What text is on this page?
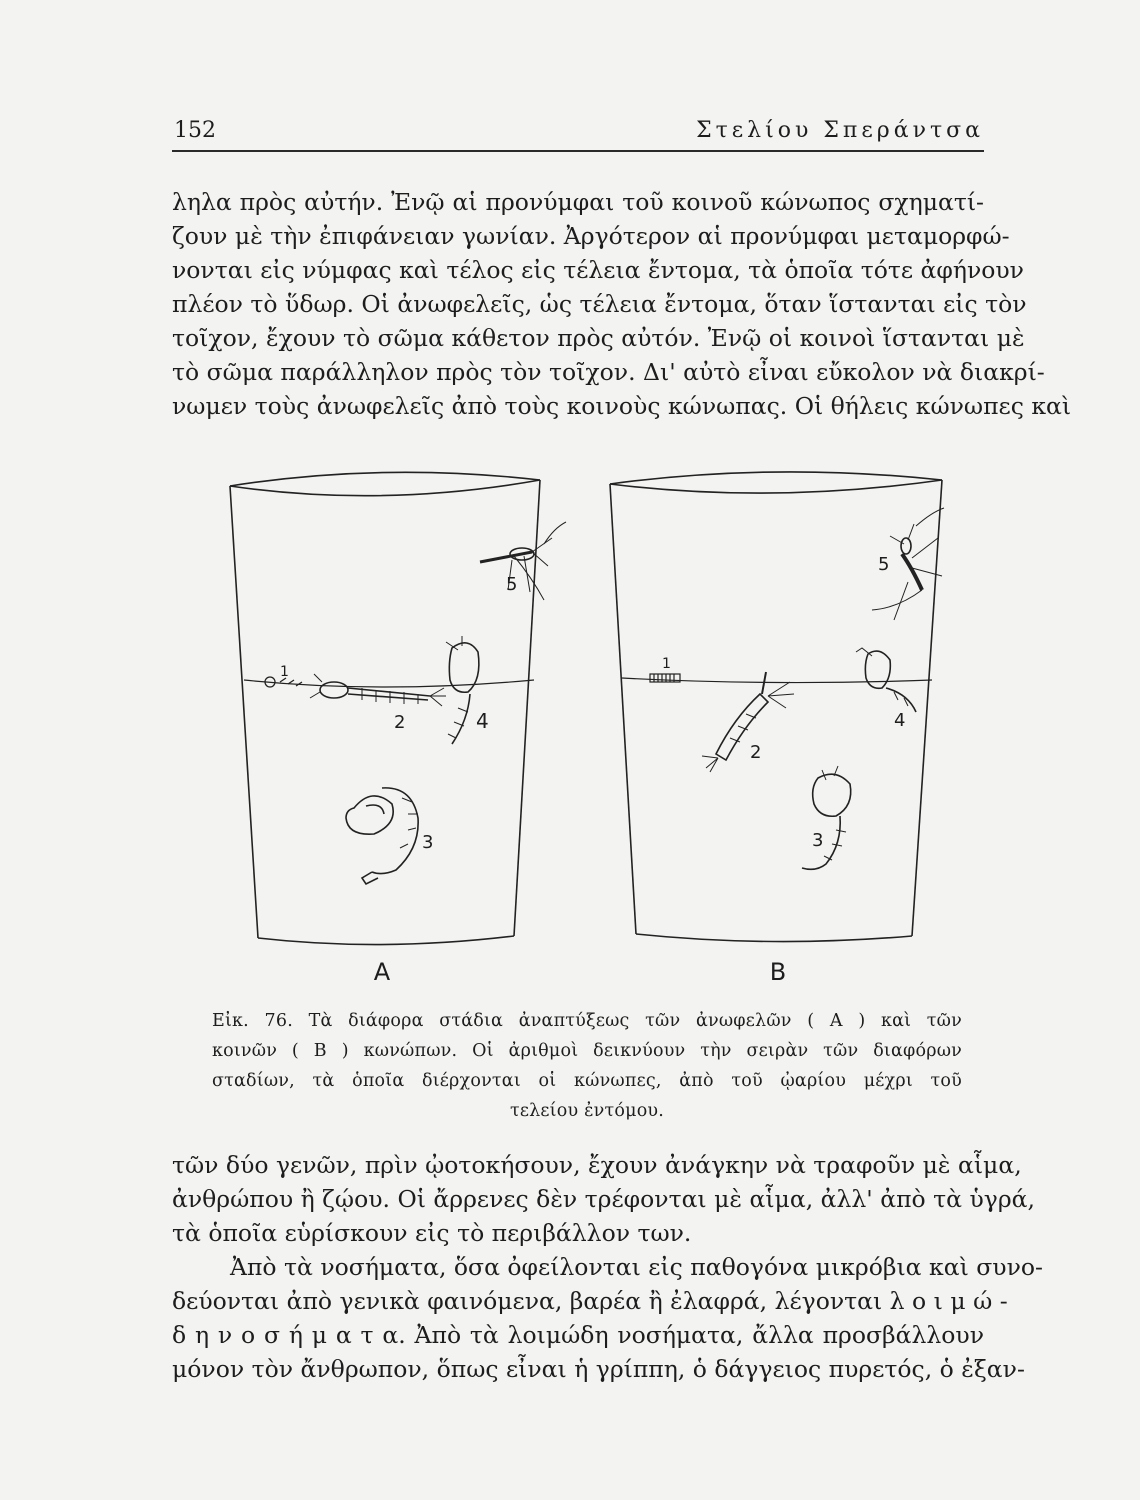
152	Στελίου Σπεράντσα
ληλα πρὸς αὐτήν. Ἐνῷ αἱ προνύμφαι τοῦ κοινοῦ κώνωπος σχηματί-
ζουν μὲ τὴν ἐπιφάνειαν γωνίαν. Ἀργότερον αἱ προνύμφαι μεταμορφώ-
νονται εἰς νύμφας καὶ τέλος εἰς τέλεια ἔντομα, τὰ ὁποῖα τότε ἀφήνουν
πλέον τὸ ὕδωρ. Οἱ ἀνωφελεῖς, ὡς τέλεια ἔντομα, ὅταν ἵστανται εἰς τὸν
τοῖχον, ἔχουν τὸ σῶμα κάθετον πρὸς αὐτόν. Ἐνῷ οἱ κοινοὶ ἵστανται μὲ
τὸ σῶμα παράλληλον πρὸς τὸν τοῖχον. Δι' αὐτὸ εἶναι εὔκολον νὰ διακρί-
νωμεν τοὺς ἀνωφελεῖς ἀπὸ τοὺς κοινοὺς κώνωπας. Οἱ θήλεις κώνωπες καὶ
1
2
3
4
5
1
2
3
4
5
A	B
Εἰκ. 76. Τὰ διάφορα στάδια ἀναπτύξεως τῶν ἀνωφελῶν ( Α ) καὶ τῶν
κοινῶν ( Β ) κωνώπων. Οἱ ἀριθμοὶ δεικνύουν τὴν σειρὰν τῶν διαφόρων
σταδίων, τὰ ὁποῖα διέρχονται οἱ κώνωπες, ἀπὸ τοῦ ᾠαρίου μέχρι τοῦ
τελείου ἐντόμου.
τῶν δύο γενῶν, πρὶν ᾠοτοκήσουν, ἔχουν ἀνάγκην νὰ τραφοῦν μὲ αἷμα,
ἀνθρώπου ἢ ζῴου. Οἱ ἄρρενες δὲν τρέφονται μὲ αἷμα, ἀλλ' ἀπὸ τὰ ὑγρά,
τὰ ὁποῖα εὑρίσκουν εἰς τὸ περιβάλλον των.
Ἀπὸ τὰ νοσήματα, ὅσα ὀφείλονται εἰς παθογόνα μικρόβια καὶ συνο-
δεύονται ἀπὸ γενικὰ φαινόμενα, βαρέα ἢ ἐλαφρά, λέγονται λ ο ι μ ώ -
δ η ν ο σ ή μ α τ α. Ἀπὸ τὰ λοιμώδη νοσήματα, ἄλλα προσβάλλουν
μόνον τὸν ἄνθρωπον, ὅπως εἶναι ἡ γρίππη, ὁ δάγγειος πυρετός, ὁ ἐξαν-
